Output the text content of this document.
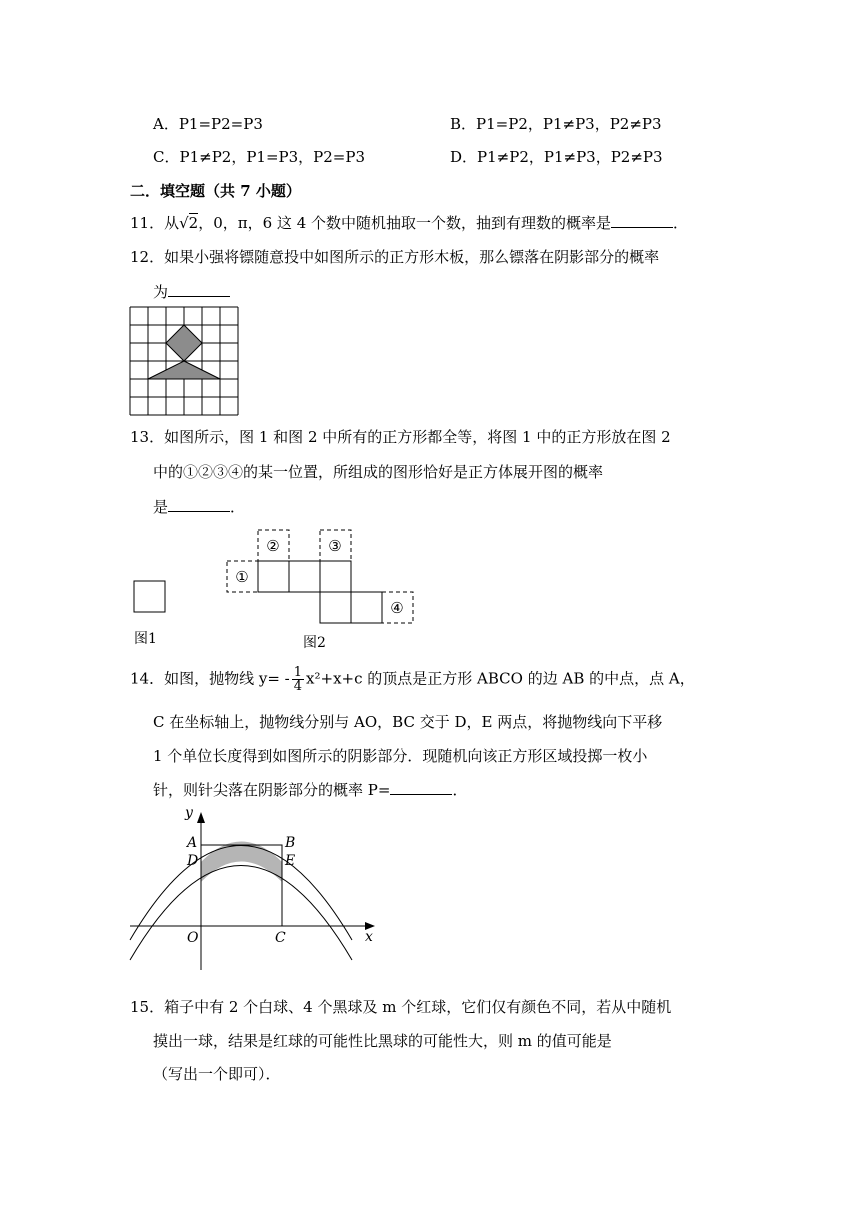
A．P1=P2=P3	B．P1=P2，P1≠P3，P2≠P3
C．P1≠P2，P1=P3，P2=P3	D．P1≠P2，P1≠P3，P2≠P3
二．填空题（共 7 小题）
11．从√2，0，π，6 这 4 个数中随机抽取一个数，抽到有理数的概率是	．
12．如果小强将镖随意投中如图所示的正方形木板，那么镖落在阴影部分的概率
为
13．如图所示，图 1 和图 2 中所有的正方形都全等，将图 1 中的正方形放在图 2
中的①②③④的某一位置，所组成的图形恰好是正方体展开图的概率
是	．
图1
①
②	③
④
图2
14．如图，抛物线 $y= - \frac{1}{4} x^2+x+c$ 的顶点是正方形 ABCO 的边 AB 的中点，点 A，
C 在坐标轴上，抛物线分别与 AO，BC 交于 D，E 两点，将抛物线向下平移
1 个单位长度得到如图所示的阴影部分．现随机向该正方形区域投掷一枚小
针，则针尖落在阴影部分的概率 P=	．
y
x
A	B
D	E
O	C
15．箱子中有 2 个白球、4 个黑球及 m 个红球，它们仅有颜色不同，若从中随机
摸出一球，结果是红球的可能性比黑球的可能性大，则 m 的值可能是
（写出一个即可）．
